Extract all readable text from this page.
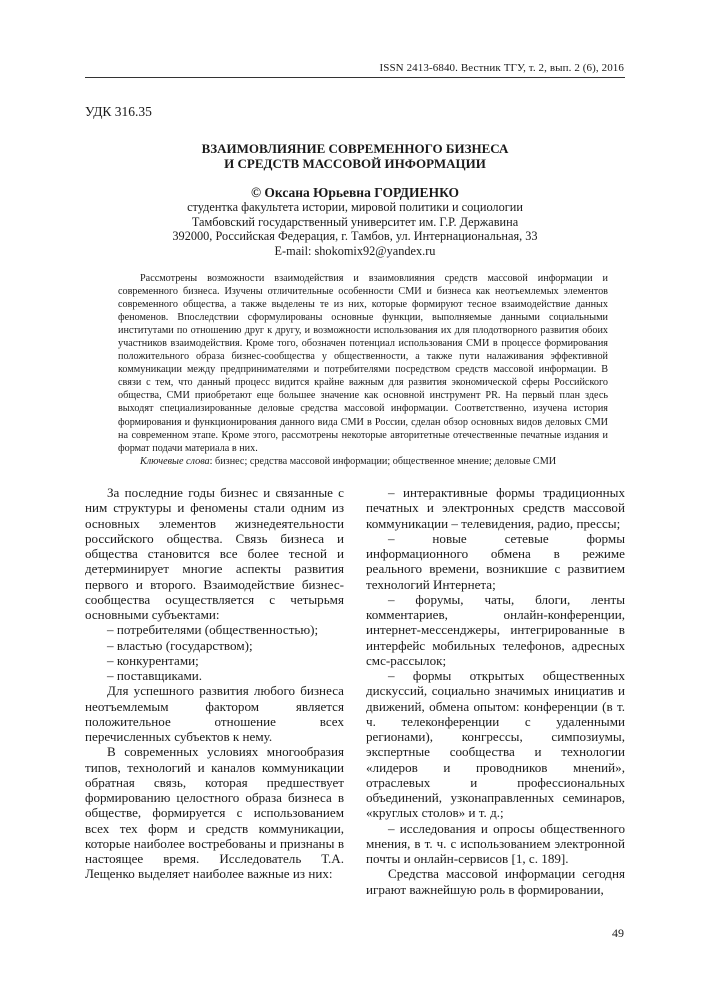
ISSN 2413-6840. Вестник ТГУ, т. 2, вып. 2 (6), 2016
УДК 316.35
ВЗАИМОВЛИЯНИЕ СОВРЕМЕННОГО БИЗНЕСА
И СРЕДСТВ МАССОВОЙ ИНФОРМАЦИИ
© Оксана Юрьевна ГОРДИЕНКО
студентка факультета истории, мировой политики и социологии
Тамбовский государственный университет им. Г.Р. Державина
392000, Российская Федерация, г. Тамбов, ул. Интернациональная, 33
E-mail: shokomix92@yandex.ru

Рассмотрены возможности взаимодействия и взаимовлияния средств массовой информации и современного бизнеса. Изучены отличительные особенности СМИ и бизнеса как неотъемлемых элементов современного общества, а также выделены те из них, которые формируют тесное взаимодействие данных феноменов. Впоследствии сформулированы основные функции, выполняемые данными социальными институтами по отношению друг к другу, и возможности использования их для плодотворного развития обоих участников взаимодействия. Кроме того, обозначен потенциал использования СМИ в процессе формирования положительного образа бизнес-сообщества у общественности, а также пути налаживания эффективной коммуникации между предпринимателями и потребителями посредством средств массовой информации. В связи с тем, что данный процесс видится крайне важным для развития экономической сферы Российского общества, СМИ приобретают еще большее значение как основной инструмент PR. На первый план здесь выходят специализированные деловые средства массовой информации. Соответственно, изучена история формирования и функционирования данного вида СМИ в России, сделан обзор основных видов деловых СМИ на современном этапе. Кроме этого, рассмотрены некоторые авторитетные отечественные печатные издания и формат подачи материала в них.

Ключевые слова: бизнес; средства массовой информации; общественное мнение; деловые СМИ

За последние годы бизнес и связанные с ним структуры и феномены стали одним из основных элементов жизнедеятельности российского общества. Связь бизнеса и общества становится все более тесной и детерминирует многие аспекты развития первого и второго. Взаимодействие бизнес-сообщества осуществляется с четырьмя основными субъектами:

– потребителями (общественностью);

– властью (государством);

– конкурентами;

– поставщиками.

Для успешного развития любого бизнеса неотъемлемым фактором является положительное отношение всех перечисленных субъектов к нему.

В современных условиях многообразия типов, технологий и каналов коммуникации обратная связь, которая предшествует формированию целостного образа бизнеса в обществе, формируется с использованием всех тех форм и средств коммуникации, которые наиболее востребованы и признаны в настоящее время. Исследователь Т.А. Лещенко выделяет наиболее важные из них:

– интерактивные формы традиционных печатных и электронных средств массовой коммуникации – телевидения, радио, прессы;

– новые сетевые формы информационного обмена в режиме реального времени, возникшие с развитием технологий Интернета;

– форумы, чаты, блоги, ленты комментариев, онлайн-конференции, интернет-мессенджеры, интегрированные в интерфейс мобильных телефонов, адресных смс-рассылок;

– формы открытых общественных дискуссий, социально значимых инициатив и движений, обмена опытом: конференции (в т. ч. телеконференции с удаленными регионами), конгрессы, симпозиумы, экспертные сообщества и технологии «лидеров и проводников мнений», отраслевых и профессиональных объединений, узконаправленных семинаров, «круглых столов» и т. д.;

– исследования и опросы общественного мнения, в т. ч. с использованием электронной почты и онлайн-сервисов [1, с. 189].

Средства массовой информации сегодня играют важнейшую роль в формировании,

49
